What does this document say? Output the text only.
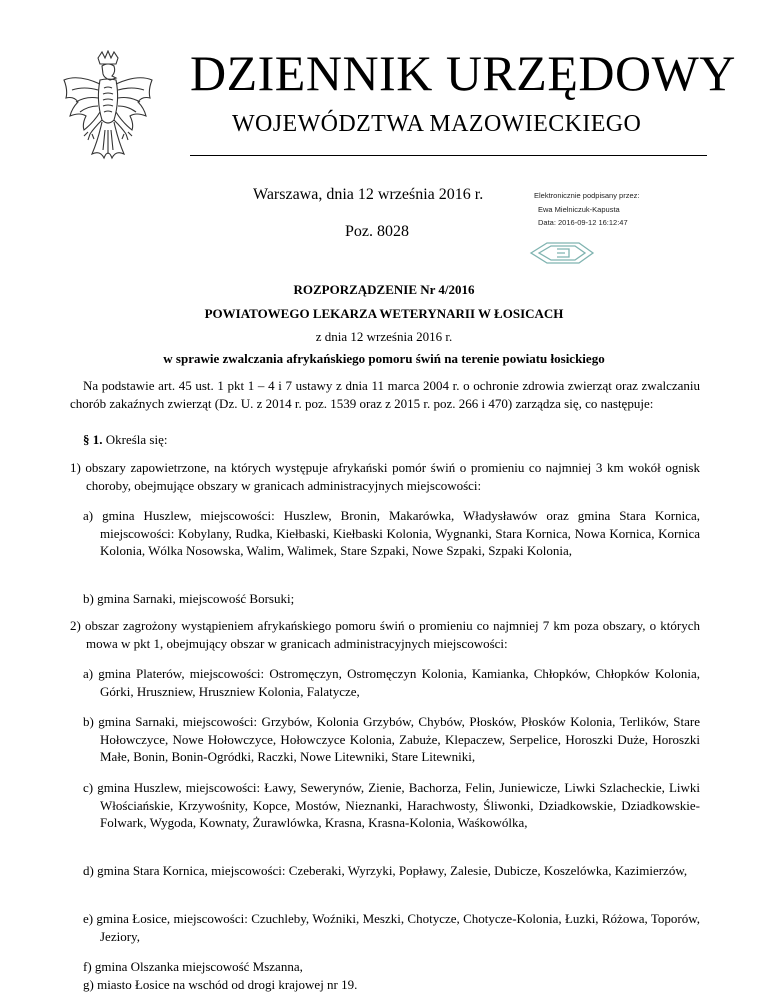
DZIENNIK URZĘDOWY
WOJEWÓDZTWA MAZOWIECKIEGO
Warszawa, dnia 12 września 2016 r.
Poz. 8028
Elektronicznie podpisany przez:
Ewa Mielniczuk-Kapusta
Data: 2016-09-12 16:12:47
ROZPORZĄDZENIE Nr 4/2016
POWIATOWEGO LEKARZA WETERYNARII W ŁOSICACH
z dnia 12 września 2016 r.
w sprawie zwalczania afrykańskiego pomoru świń na terenie powiatu łosickiego
Na podstawie art. 45 ust. 1 pkt 1 – 4 i 7 ustawy z dnia 11 marca 2004 r. o ochronie zdrowia zwierząt oraz zwalczaniu chorób zakaźnych zwierząt (Dz. U. z 2014 r. poz. 1539 oraz z 2015 r. poz. 266 i 470) zarządza się, co następuje:
§ 1. Określa się:
1) obszary zapowietrzone, na których występuje afrykański pomór świń o promieniu co najmniej 3 km wokół ognisk choroby, obejmujące obszary w granicach administracyjnych miejscowości:
a) gmina Huszlew, miejscowości: Huszlew, Bronin, Makarówka, Władysławów oraz gmina Stara Kornica, miejscowości: Kobylany, Rudka, Kiełbaski, Kiełbaski Kolonia, Wygnanki, Stara Kornica, Nowa Kornica, Kornica Kolonia, Wólka Nosowska, Walim, Walimek, Stare Szpaki, Nowe Szpaki, Szpaki Kolonia,
b) gmina Sarnaki, miejscowość Borsuki;
2) obszar zagrożony wystąpieniem afrykańskiego pomoru świń o promieniu co najmniej 7 km poza obszary, o których mowa w pkt 1, obejmujący obszar w granicach administracyjnych miejscowości:
a) gmina Platerów, miejscowości: Ostromęczyn, Ostromęczyn Kolonia, Kamianka, Chłopków, Chłopków Kolonia, Górki, Hruszniew, Hruszniew Kolonia, Falatycze,
b) gmina Sarnaki, miejscowości: Grzybów, Kolonia Grzybów, Chybów, Płosków, Płosków Kolonia, Terlików, Stare Hołowczyce, Nowe Hołowczyce, Hołowczyce Kolonia, Zabuże, Klepaczew, Serpelice, Horoszki Duże, Horoszki Małe, Bonin, Bonin-Ogródki, Raczki, Nowe Litewniki, Stare Litewniki,
c) gmina Huszlew, miejscowości: Ławy, Sewerynów, Zienie, Bachorza, Felin, Juniewicze, Liwki Szlacheckie, Liwki Włościańskie, Krzywośnity, Kopce, Mostów, Nieznanki, Harachwosty, Śliwonki, Dziadkowskie, Dziadkowskie-Folwark, Wygoda, Kownaty, Żurawlówka, Krasna, Krasna-Kolonia, Waśkowólka,
d) gmina Stara Kornica, miejscowości: Czeberaki, Wyrzyki, Popławy, Zalesie, Dubicze, Koszelówka, Kazimierzów,
e) gmina Łosice, miejscowości: Czuchleby, Woźniki, Meszki, Chotycze, Chotycze-Kolonia, Łuzki, Różowa, Toporów, Jeziory,
f) gmina Olszanka miejscowość Mszanna,
g) miasto Łosice na wschód od drogi krajowej nr 19.
